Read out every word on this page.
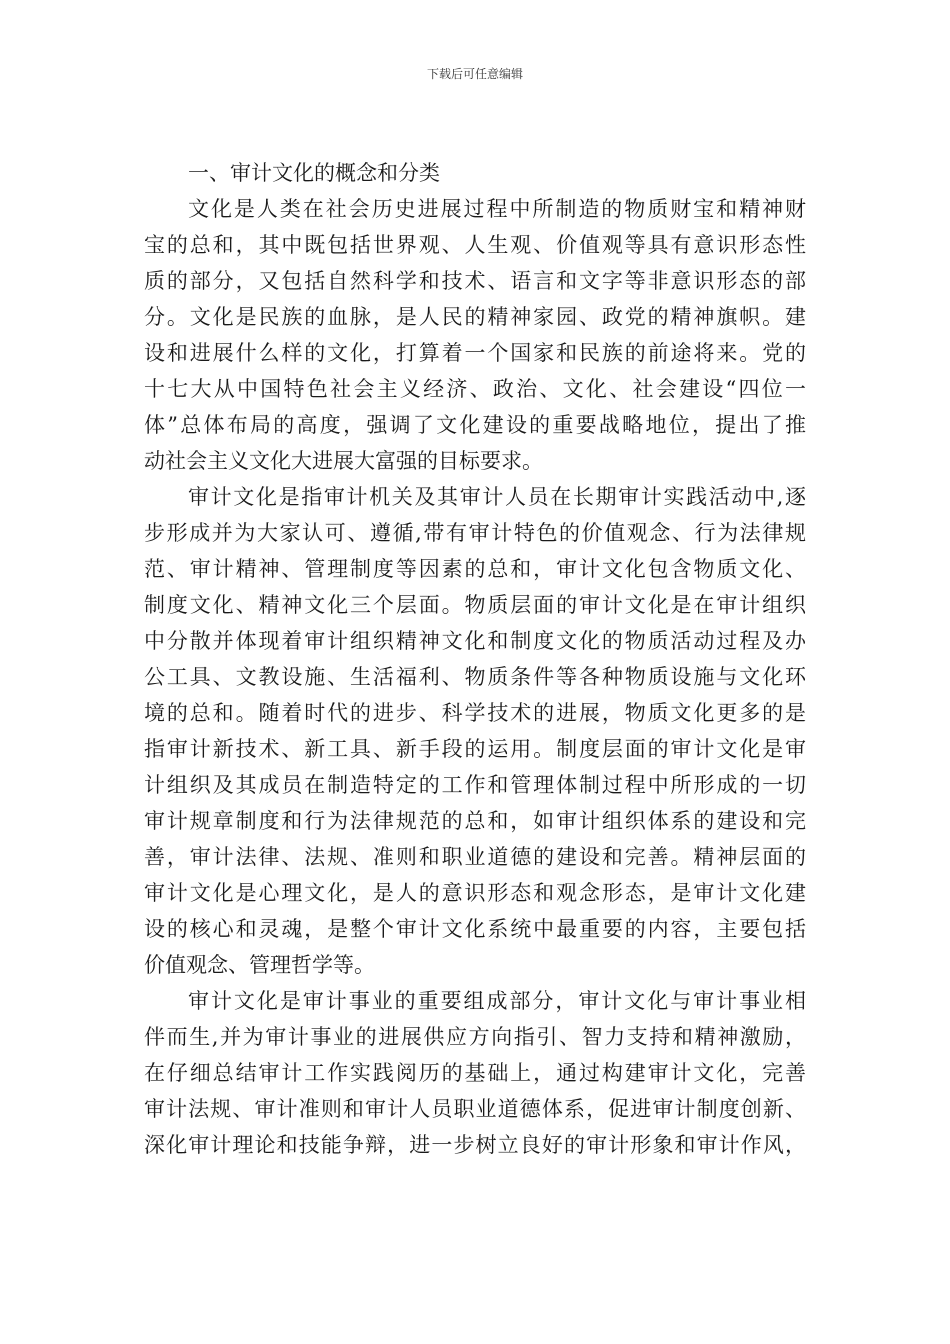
下载后可任意编辑
一、审计文化的概念和分类
文化是人类在社会历史进展过程中所制造的物质财宝和精神财
宝的总和，其中既包括世界观、人生观、价值观等具有意识形态性
质的部分，又包括自然科学和技术、语言和文字等非意识形态的部
分。文化是民族的血脉，是人民的精神家园、政党的精神旗帜。建
设和进展什么样的文化，打算着一个国家和民族的前途将来。党的
十七大从中国特色社会主义经济、政治、文化、社会建设“四位一
体”总体布局的高度，强调了文化建设的重要战略地位，提出了推
动社会主义文化大进展大富强的目标要求。
审计文化是指审计机关及其审计人员在长期审计实践活动中,逐
步形成并为大家认可、遵循,带有审计特色的价值观念、行为法律规
范、审计精神、管理制度等因素的总和，审计文化包含物质文化、
制度文化、精神文化三个层面。物质层面的审计文化是在审计组织
中分散并体现着审计组织精神文化和制度文化的物质活动过程及办
公工具、文教设施、生活福利、物质条件等各种物质设施与文化环
境的总和。随着时代的进步、科学技术的进展，物质文化更多的是
指审计新技术、新工具、新手段的运用。制度层面的审计文化是审
计组织及其成员在制造特定的工作和管理体制过程中所形成的一切
审计规章制度和行为法律规范的总和，如审计组织体系的建设和完
善，审计法律、法规、准则和职业道德的建设和完善。精神层面的
审计文化是心理文化，是人的意识形态和观念形态，是审计文化建
设的核心和灵魂，是整个审计文化系统中最重要的内容，主要包括
价值观念、管理哲学等。
审计文化是审计事业的重要组成部分，审计文化与审计事业相
伴而生,并为审计事业的进展供应方向指引、智力支持和精神激励，
在仔细总结审计工作实践阅历的基础上，通过构建审计文化，完善
审计法规、审计准则和审计人员职业道德体系，促进审计制度创新、
深化审计理论和技能争辩，进一步树立良好的审计形象和审计作风，
